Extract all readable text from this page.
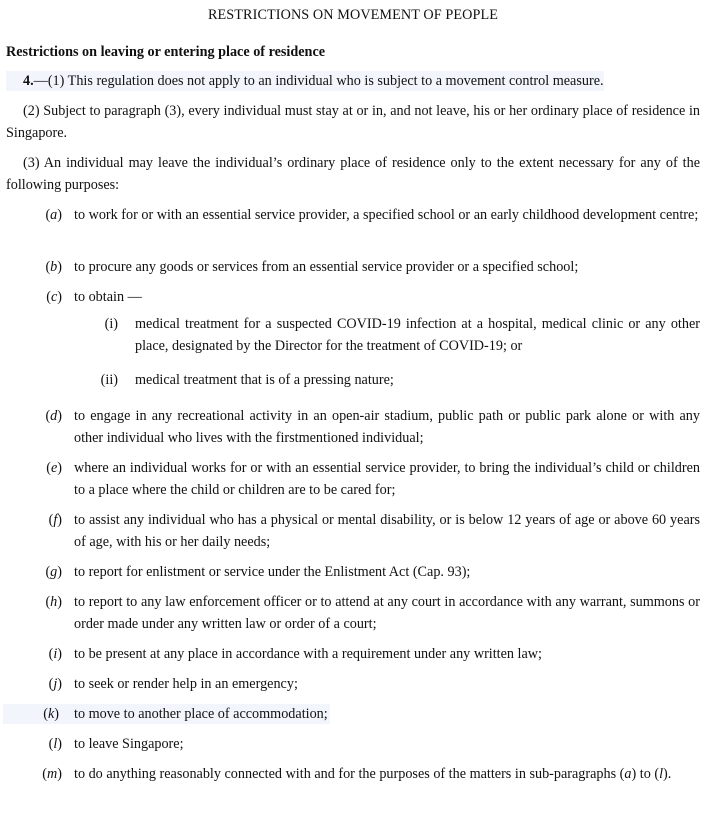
RESTRICTIONS ON MOVEMENT OF PEOPLE
Restrictions on leaving or entering place of residence
4.—(1) This regulation does not apply to an individual who is subject to a movement control measure.
(2) Subject to paragraph (3), every individual must stay at or in, and not leave, his or her ordinary place of residence in Singapore.
(3) An individual may leave the individual’s ordinary place of residence only to the extent necessary for any of the following purposes:
(a) to work for or with an essential service provider, a specified school or an early childhood development centre;
(b) to procure any goods or services from an essential service provider or a specified school;
(c) to obtain —
(i) medical treatment for a suspected COVID-19 infection at a hospital, medical clinic or any other place, designated by the Director for the treatment of COVID-19; or
(ii) medical treatment that is of a pressing nature;
(d) to engage in any recreational activity in an open-air stadium, public path or public park alone or with any other individual who lives with the firstmentioned individual;
(e) where an individual works for or with an essential service provider, to bring the individual’s child or children to a place where the child or children are to be cared for;
(f) to assist any individual who has a physical or mental disability, or is below 12 years of age or above 60 years of age, with his or her daily needs;
(g) to report for enlistment or service under the Enlistment Act (Cap. 93);
(h) to report to any law enforcement officer or to attend at any court in accordance with any warrant, summons or order made under any written law or order of a court;
(i) to be present at any place in accordance with a requirement under any written law;
(j) to seek or render help in an emergency;
(k)	to move to another place of accommodation;
(l) to leave Singapore;
(m) to do anything reasonably connected with and for the purposes of the matters in sub-paragraphs (a) to (l).
